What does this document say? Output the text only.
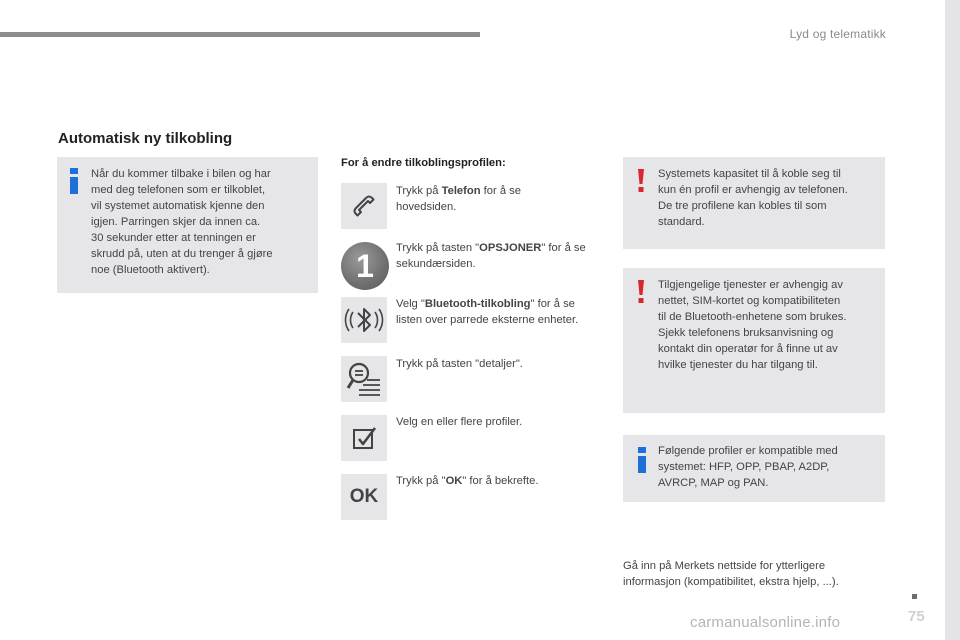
Lyd og telematikk
Automatisk ny tilkobling
Når du kommer tilbake i bilen og har
med deg telefonen som er tilkoblet,
vil systemet automatisk kjenne den
igjen. Parringen skjer da innen ca.
30 sekunder etter at tenningen er
skrudd på, uten at du trenger å gjøre
noe (Bluetooth aktivert).
For å endre tilkoblingsprofilen:
1
Trykk på Telefon for å se hovedsiden.
Trykk på tasten "OPSJONER" for å se sekundærsiden.
Velg "Bluetooth-tilkobling" for å se listen over parrede eksterne enheter.
Trykk på tasten "detaljer".
Velg en eller flere profiler.
OK
Trykk på "OK" for å bekrefte.
Systemets kapasitet til å koble seg til
kun én profil er avhengig av telefonen.
De tre profilene kan kobles til som
standard.
Tilgjengelige tjenester er avhengig av
nettet, SIM-kortet og kompatibiliteten
til de Bluetooth-enhetene som brukes.
Sjekk telefonens bruksanvisning og
kontakt din operatør for å finne ut av
hvilke tjenester du har tilgang til.
Følgende profiler er kompatible med
systemet: HFP, OPP, PBAP, A2DP,
AVRCP, MAP og PAN.
Gå inn på Merkets nettside for ytterligere
informasjon (kompatibilitet, ekstra hjelp, ...).
75
carmanualsonline.info
